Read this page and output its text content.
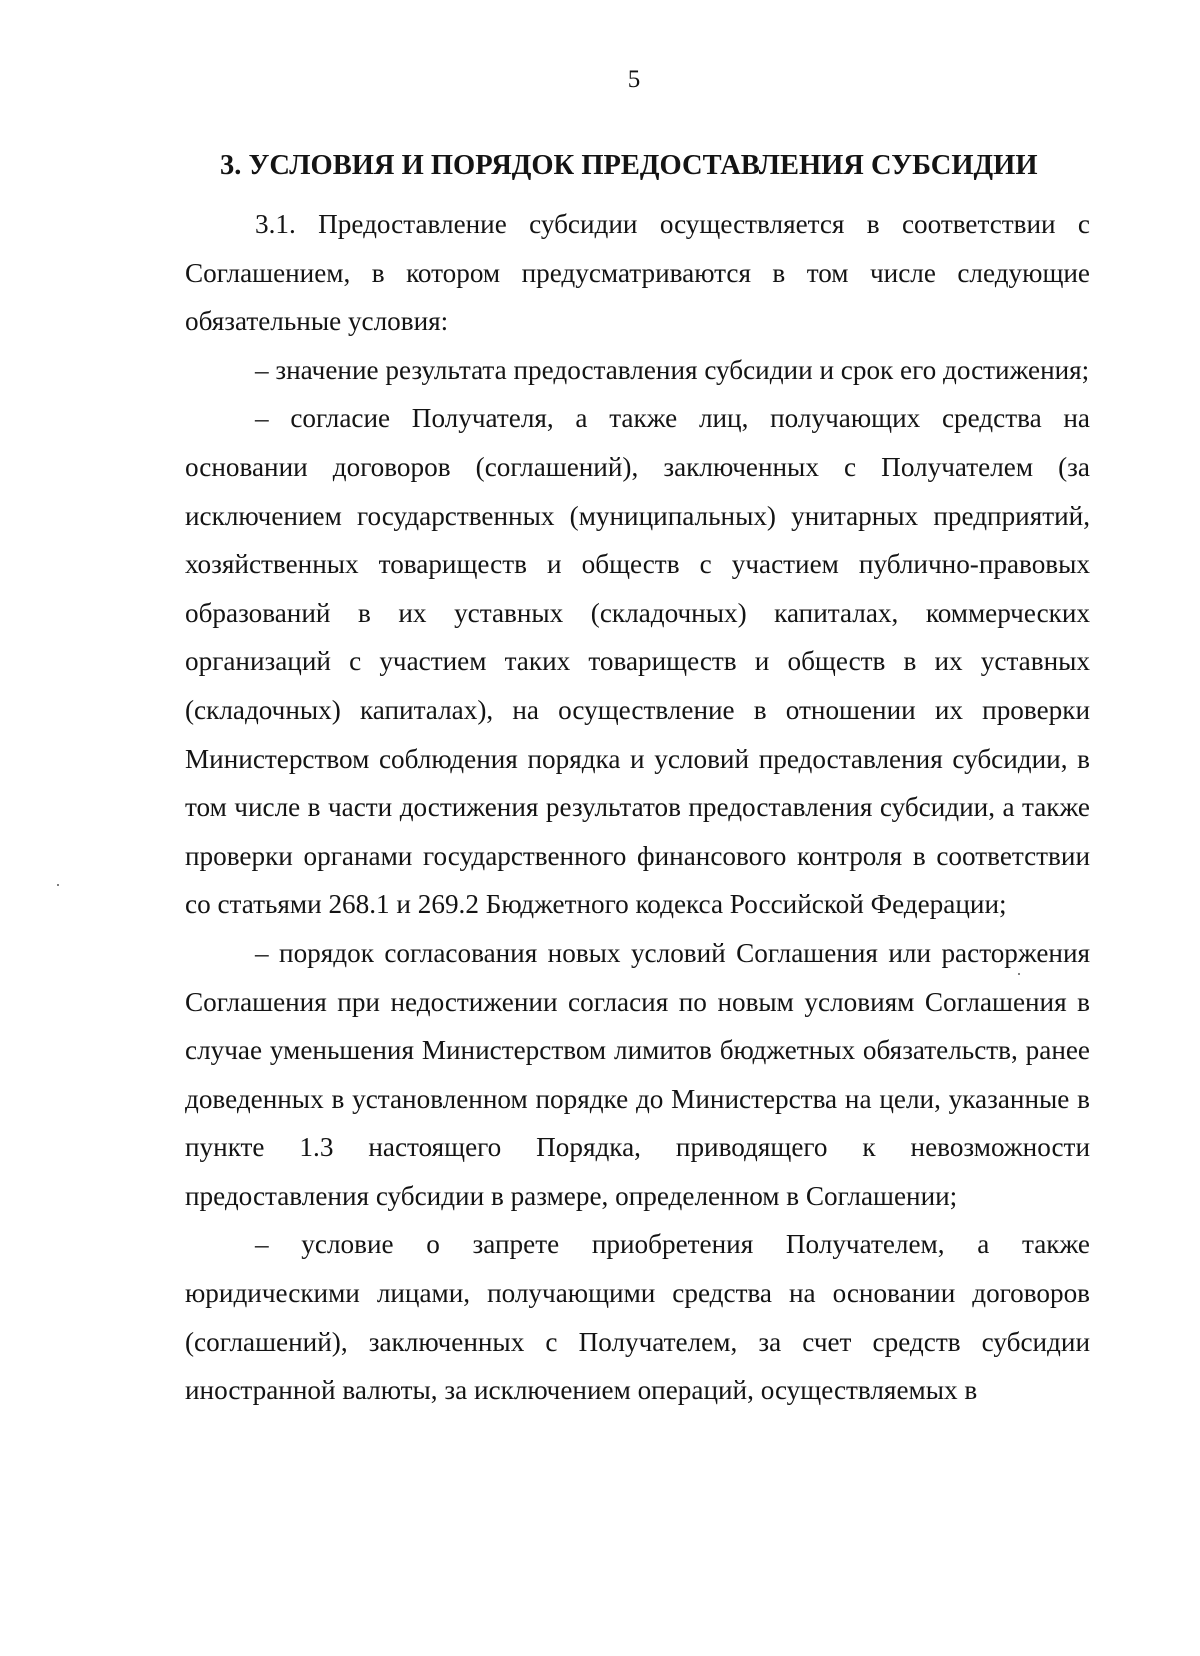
5
3. УСЛОВИЯ И ПОРЯДОК ПРЕДОСТАВЛЕНИЯ СУБСИДИИ

3.1. Предоставление субсидии осуществляется в соответствии с Соглашением, в котором предусматриваются в том числе следующие обязательные условия:

– значение результата предоставления субсидии и срок его достижения;

– согласие Получателя, а также лиц, получающих средства на основании договоров (соглашений), заключенных с Получателем (за исключением государственных (муниципальных) унитарных предприятий, хозяйственных товариществ и обществ с участием публично-правовых образований в их уставных (складочных) капиталах, коммерческих организаций с участием таких товариществ и обществ в их уставных (складочных) капиталах), на осуществление в отношении их проверки Министерством соблюдения порядка и условий предоставления субсидии, в том числе в части достижения результатов предоставления субсидии, а также проверки органами государственного финансового контроля в соответствии со статьями 268.1 и 269.2 Бюджетного кодекса Российской Федерации;

– порядок согласования новых условий Соглашения или расторжения Соглашения при недостижении согласия по новым условиям Соглашения в случае уменьшения Министерством лимитов бюджетных обязательств, ранее доведенных в установленном порядке до Министерства на цели, указанные в пункте 1.3 настоящего Порядка, приводящего к невозможности предоставления субсидии в размере, определенном в Соглашении;

– условие о запрете приобретения Получателем, а также юридическими лицами, получающими средства на основании договоров (соглашений), заключенных с Получателем, за счет средств субсидии иностранной валюты, за исключением операций, осуществляемых в
